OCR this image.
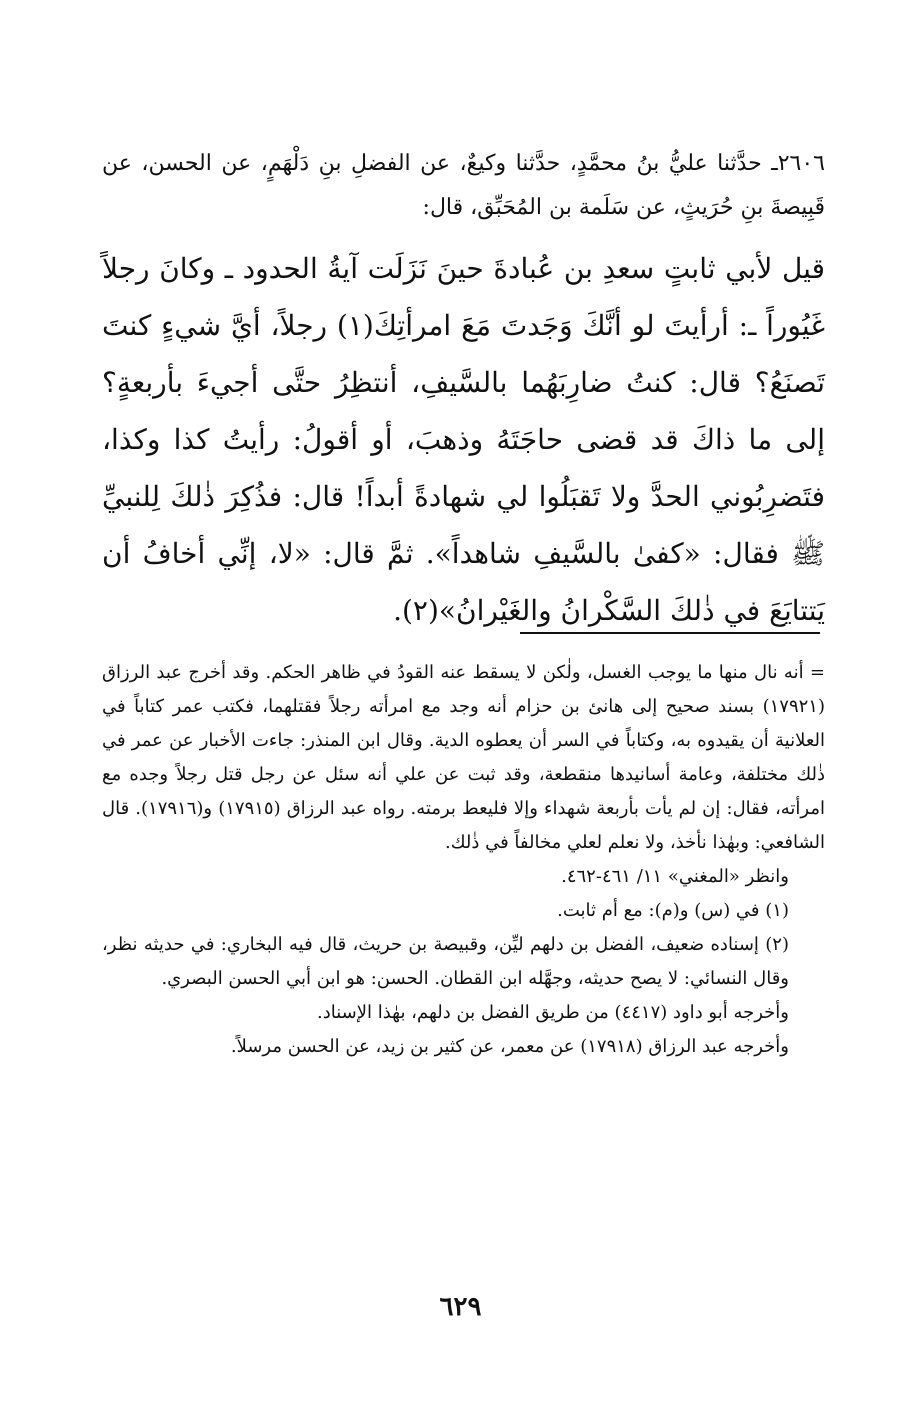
٢٦٠٦ـ حدَّثنا عليُّ بنُ محمَّدٍ، حدَّثنا وكيعٌ، عن الفضلِ بنِ دَلْهَمٍ، عن الحسن، عن قَبِيصةَ بنِ حُرَيثٍ، عن سَلَمة بن المُحَبِّق، قال:

قيل لأبي ثابتٍ سعدِ بن عُبادةَ حينَ نَزَلَت آيةُ الحدود ـ وكانَ رجلاً غَيُوراً ـ: أرأيتَ لو أنَّكَ وَجَدتَ مَعَ امرأتِكَ(١) رجلاً، أيَّ شيءٍ كنتَ تَصنَعُ؟ قال: كنتُ ضارِبَهُما بالسَّيفِ، أنتظِرُ حتَّى أجيءَ بأربعةٍ؟ إلى ما ذاكَ قد قضى حاجَتَهُ وذهبَ، أو أقولُ: رأيتُ كذا وكذا، فتَضرِبُوني الحدَّ ولا تَقبَلُوا لي شهادةً أبداً! قال: فذُكِرَ ذٰلكَ لِلنبيِّ ﷺ فقال: «كفىٰ بالسَّيفِ شاهداً». ثمَّ قال: «لا، إنِّي أخافُ أن يَتتايَعَ في ذٰلكَ السَّكْرانُ والغَيْرانُ»(٢).

= أنه نال منها ما يوجب الغسل، ولٰكن لا يسقط عنه القودُ في ظاهر الحكم. وقد أخرج عبد الرزاق (١٧٩٢١) بسند صحيح إلى هانئ بن حزام أنه وجد مع امرأته رجلاً فقتلهما، فكتب عمر كتاباً في العلانية أن يقيدوه به، وكتاباً في السر أن يعطوه الدية. وقال ابن المنذر: جاءت الأخبار عن عمر في ذٰلك مختلفة، وعامة أسانيدها منقطعة، وقد ثبت عن علي أنه سئل عن رجل قتل رجلاً وجده مع امرأته، فقال: إن لم يأت بأربعة شهداء وإلا فليعط برمته. رواه عبد الرزاق (١٧٩١٥) و(١٧٩١٦). قال الشافعي: وبهٰذا نأخذ، ولا نعلم لعلي مخالفاً في ذٰلك.

وانظر «المغني» ١١/ ٤٦١-٤٦٢.

(١) في (س) و(م): مع أم ثابت.

(٢) إسناده ضعيف، الفضل بن دلهم ليِّن، وقبيصة بن حريث، قال فيه البخاري: في حديثه نظر، وقال النسائي: لا يصح حديثه، وجهَّله ابن القطان. الحسن: هو ابن أبي الحسن البصري.

وأخرجه أبو داود (٤٤١٧) من طريق الفضل بن دلهم، بهٰذا الإسناد.

وأخرجه عبد الرزاق (١٧٩١٨) عن معمر، عن كثير بن زيد، عن الحسن مرسلاً.

٦٢٩
